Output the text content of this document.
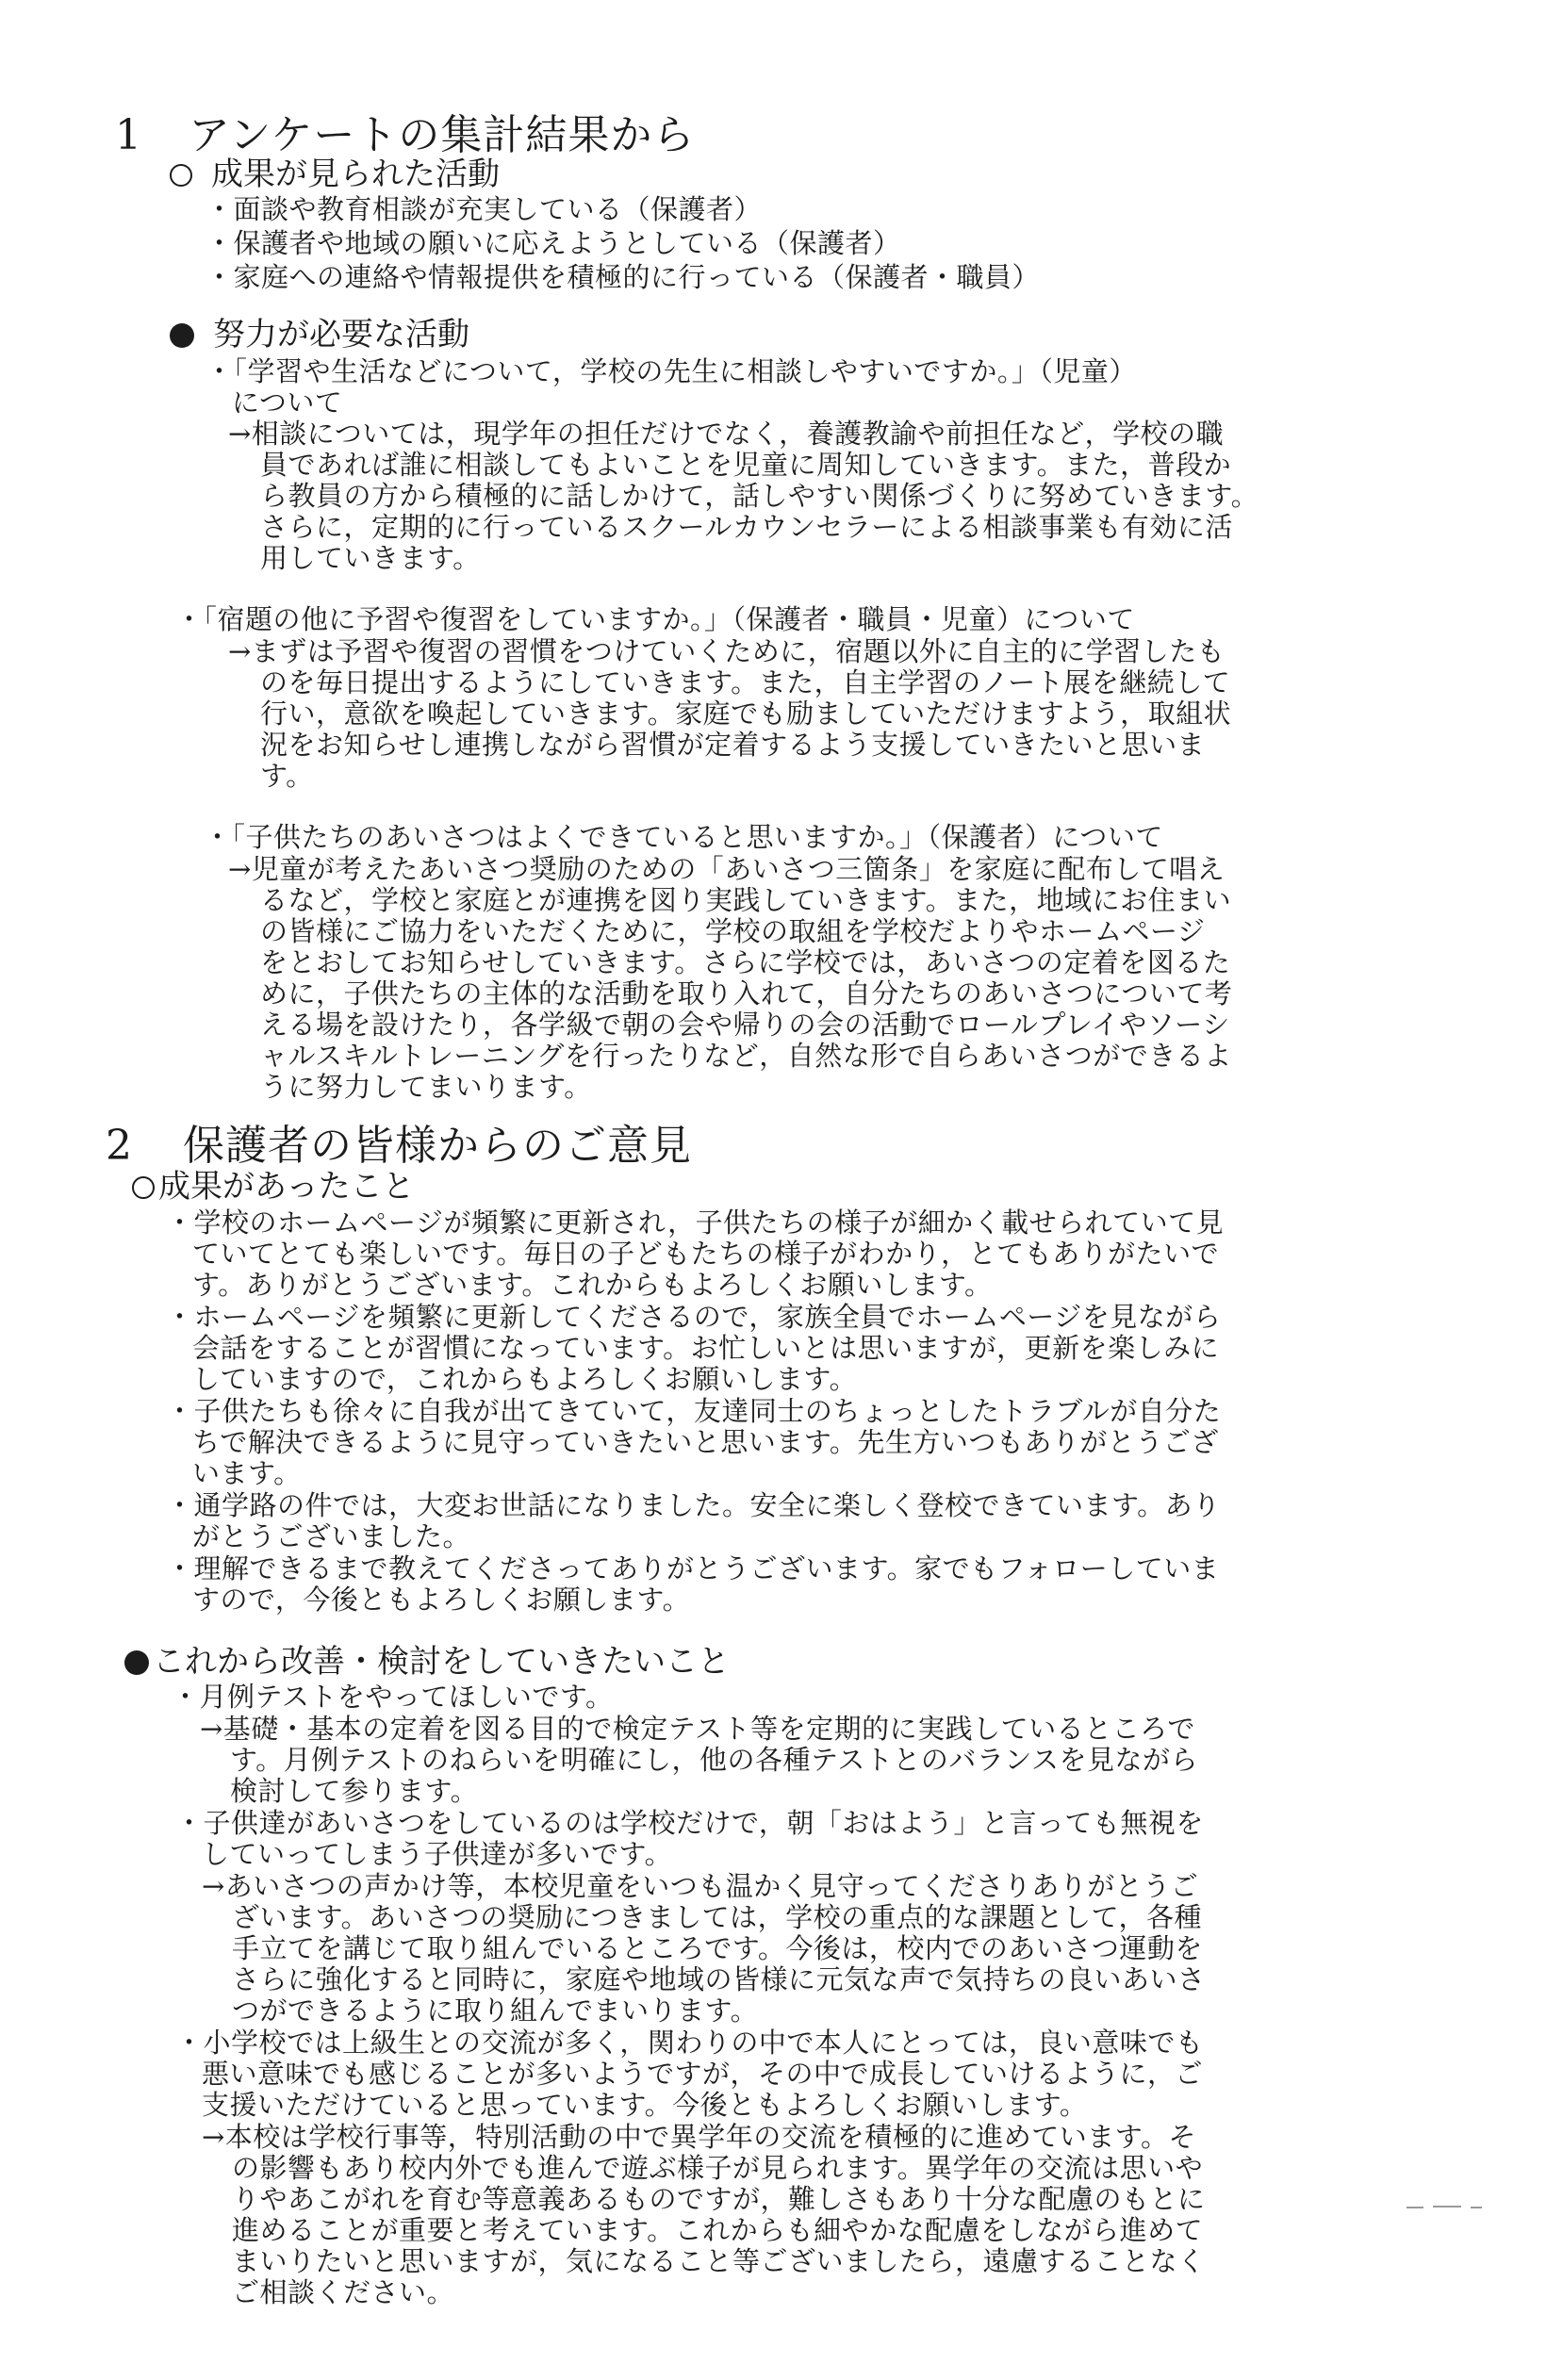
1 アンケートの集計結果から
成果が見られた活動
・面談や教育相談が充実している（保護者）
・保護者や地域の願いに応えようとしている（保護者）
・家庭への連絡や情報提供を積極的に行っている（保護者・職員）
努力が必要な活動
・「学習や生活などについて，学校の先生に相談しやすいですか。」（児童）
について
→相談については，現学年の担任だけでなく，養護教諭や前担任など，学校の職
員であれば誰に相談してもよいことを児童に周知していきます。また，普段か
ら教員の方から積極的に話しかけて，話しやすい関係づくりに努めていきます。
さらに，定期的に行っているスクールカウンセラーによる相談事業も有効に活
用していきます。
・「宿題の他に予習や復習をしていますか。」（保護者・職員・児童）について
→まずは予習や復習の習慣をつけていくために，宿題以外に自主的に学習したも
のを毎日提出するようにしていきます。また，自主学習のノート展を継続して
行い，意欲を喚起していきます。家庭でも励ましていただけますよう，取組状
況をお知らせし連携しながら習慣が定着するよう支援していきたいと思いま
す。
・「子供たちのあいさつはよくできていると思いますか。」（保護者）について
→児童が考えたあいさつ奨励のための「あいさつ三箇条」を家庭に配布して唱え
るなど，学校と家庭とが連携を図り実践していきます。また，地域にお住まい
の皆様にご協力をいただくために，学校の取組を学校だよりやホームページ
をとおしてお知らせしていきます。さらに学校では，あいさつの定着を図るた
めに，子供たちの主体的な活動を取り入れて，自分たちのあいさつについて考
える場を設けたり，各学級で朝の会や帰りの会の活動でロールプレイやソーシ
ャルスキルトレーニングを行ったりなど，自然な形で自らあいさつができるよ
うに努力してまいります。
2 保護者の皆様からのご意見
成果があったこと
・学校のホームページが頻繁に更新され，子供たちの様子が細かく載せられていて見
ていてとても楽しいです。毎日の子どもたちの様子がわかり，とてもありがたいで
す。ありがとうございます。これからもよろしくお願いします。
・ホームページを頻繁に更新してくださるので，家族全員でホームページを見ながら
会話をすることが習慣になっています。お忙しいとは思いますが，更新を楽しみに
していますので，これからもよろしくお願いします。
・子供たちも徐々に自我が出てきていて，友達同士のちょっとしたトラブルが自分た
ちで解決できるように見守っていきたいと思います。先生方いつもありがとうござ
います。
・通学路の件では，大変お世話になりました。安全に楽しく登校できています。あり
がとうございました。
・理解できるまで教えてくださってありがとうございます。家でもフォローしていま
すので，今後ともよろしくお願します。
これから改善・検討をしていきたいこと
・月例テストをやってほしいです。
→基礎・基本の定着を図る目的で検定テスト等を定期的に実践しているところで
す。月例テストのねらいを明確にし，他の各種テストとのバランスを見ながら
検討して参ります。
・子供達があいさつをしているのは学校だけで，朝「おはよう」と言っても無視を
していってしまう子供達が多いです。
→あいさつの声かけ等，本校児童をいつも温かく見守ってくださりありがとうご
ざいます。あいさつの奨励につきましては，学校の重点的な課題として，各種
手立てを講じて取り組んでいるところです。今後は，校内でのあいさつ運動を
さらに強化すると同時に，家庭や地域の皆様に元気な声で気持ちの良いあいさ
つができるように取り組んでまいります。
・小学校では上級生との交流が多く，関わりの中で本人にとっては，良い意味でも
悪い意味でも感じることが多いようですが，その中で成長していけるように，ご
支援いただけていると思っています。今後ともよろしくお願いします。
→本校は学校行事等，特別活動の中で異学年の交流を積極的に進めています。そ
の影響もあり校内外でも進んで遊ぶ様子が見られます。異学年の交流は思いや
りやあこがれを育む等意義あるものですが，難しさもあり十分な配慮のもとに
進めることが重要と考えています。これからも細やかな配慮をしながら進めて
まいりたいと思いますが，気になること等ございましたら，遠慮することなく
ご相談ください。
